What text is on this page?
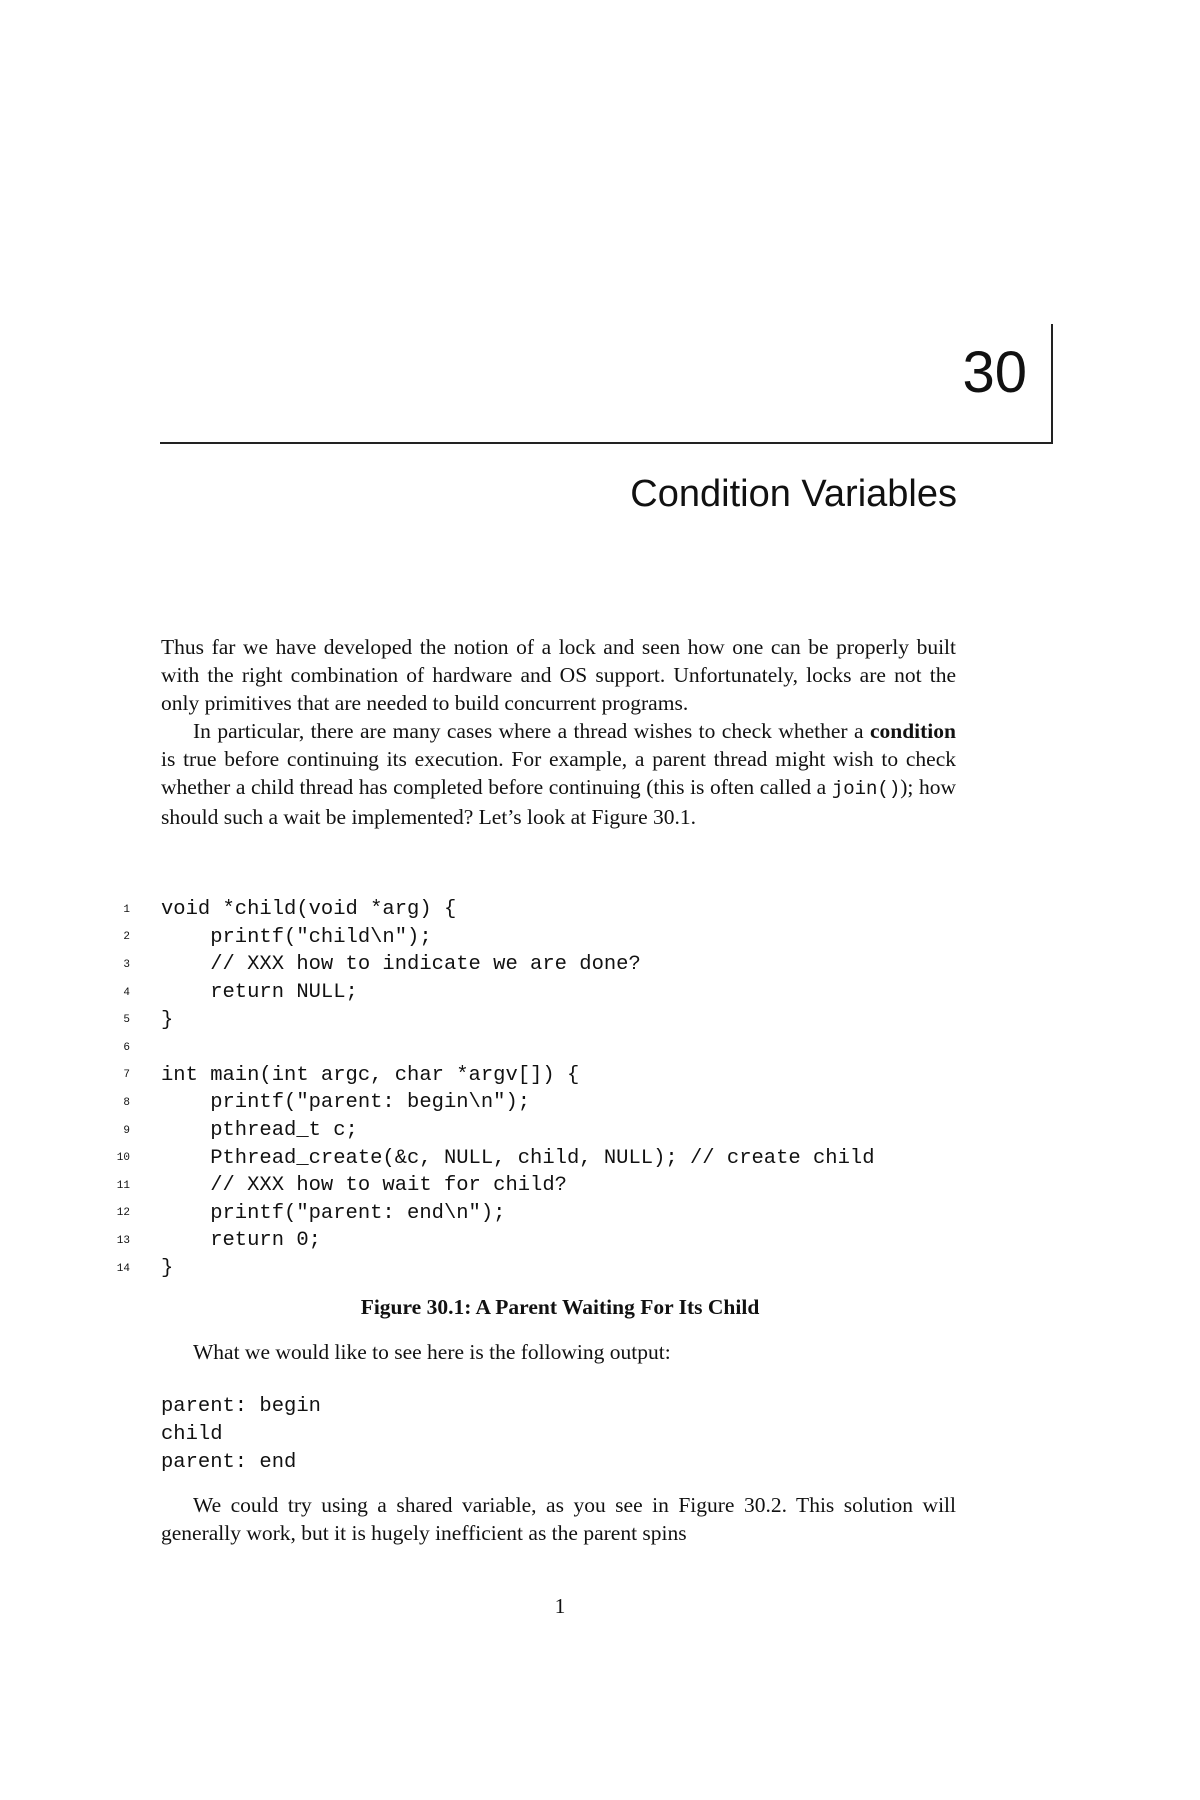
30
Condition Variables

Thus far we have developed the notion of a lock and seen how one can be properly built with the right combination of hardware and OS support. Unfortunately, locks are not the only primitives that are needed to build concurrent programs.

In particular, there are many cases where a thread wishes to check whether a condition is true before continuing its execution. For example, a parent thread might wish to check whether a child thread has completed before continuing (this is often called a join()); how should such a wait be implemented? Let’s look at Figure 30.1.

1 void *child(void *arg) {
2 printf("child\n");
3 // XXX how to indicate we are done?
4 return NULL;
5 }
6
7 int main(int argc, char *argv[]) {
8 printf("parent: begin\n");
9 pthread_t c;
10 Pthread_create(&c, NULL, child, NULL); // create child
11 // XXX how to wait for child?
12 printf("parent: end\n");
13 return 0;
14 }
Figure 30.1: A Parent Waiting For Its Child

What we would like to see here is the following output:

parent: begin
child
parent: end

We could try using a shared variable, as you see in Figure 30.2. This solution will generally work, but it is hugely inefficient as the parent spins

1
